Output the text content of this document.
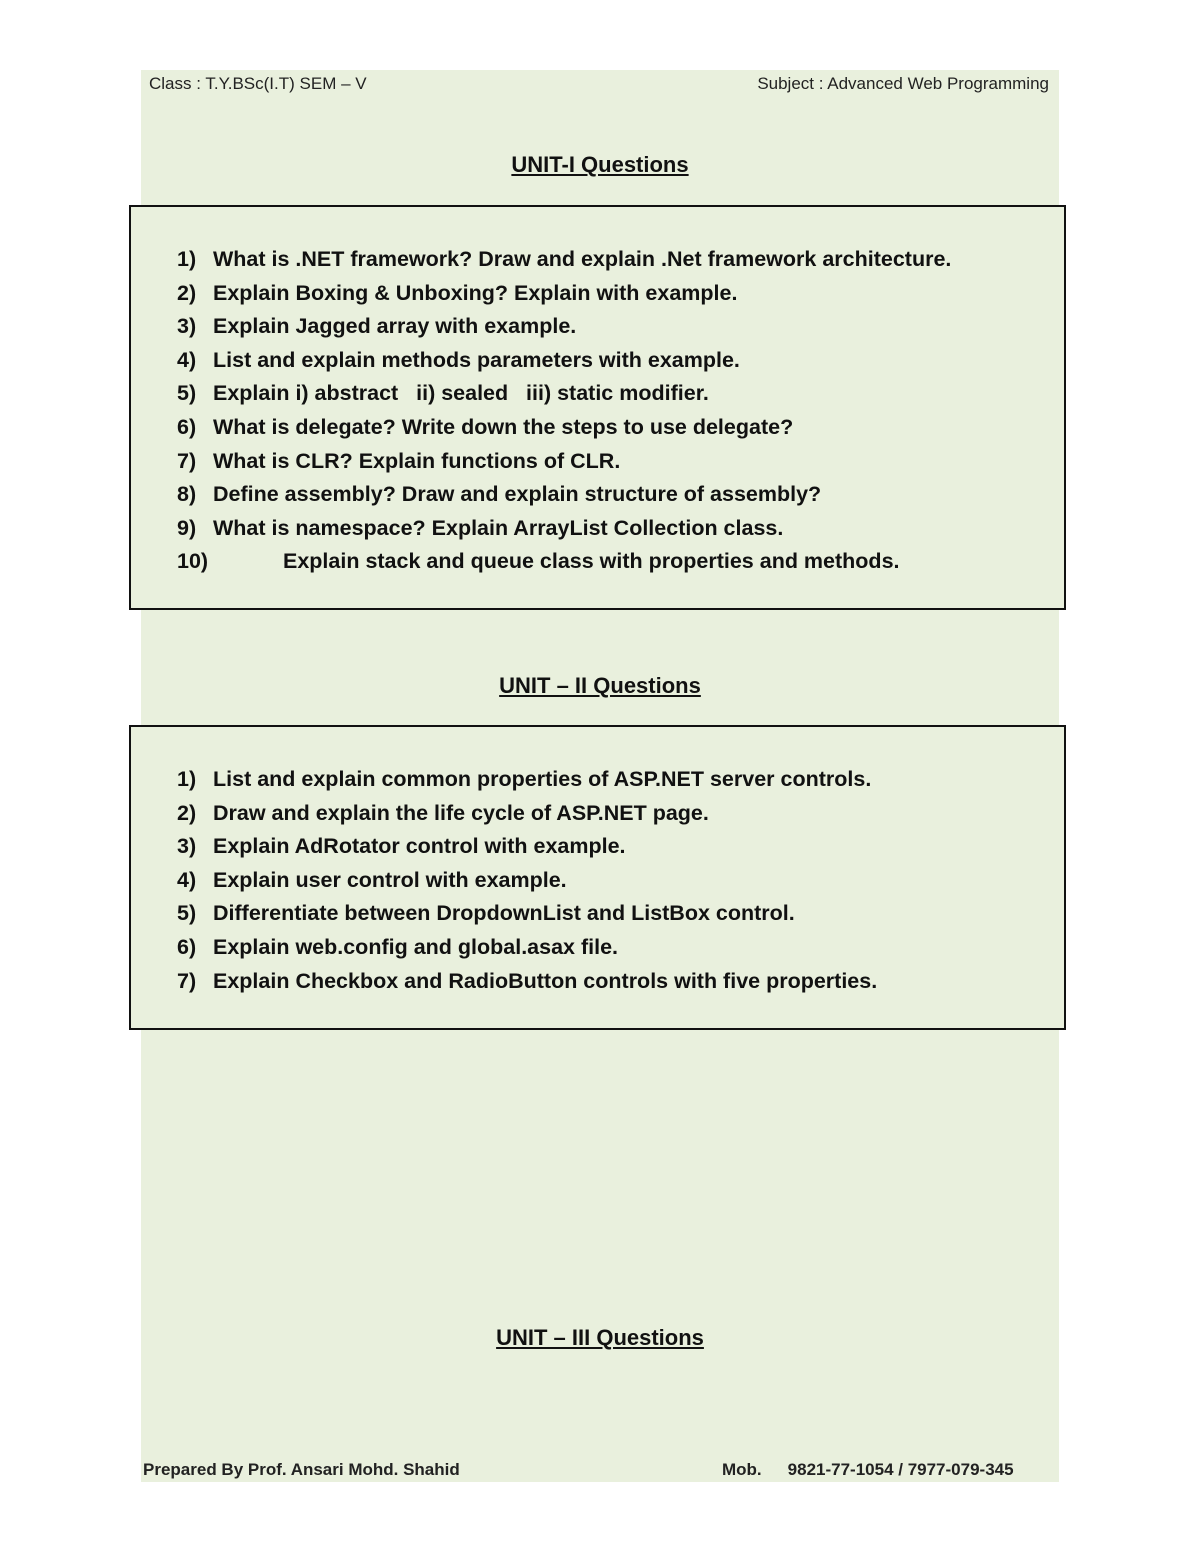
Class : T.Y.BSc(I.T) SEM – V	Subject : Advanced Web Programming
UNIT-I Questions
1) What is .NET framework? Draw and explain .Net framework architecture.
2) Explain Boxing & Unboxing? Explain with example.
3) Explain Jagged array with example.
4) List and explain methods parameters with example.
5) Explain i) abstract   ii) sealed   iii) static modifier.
6) What is delegate? Write down the steps to use delegate?
7) What is CLR? Explain functions of CLR.
8) Define assembly? Draw and explain structure of assembly?
9) What is namespace? Explain ArrayList Collection class.
10)	Explain stack and queue class with properties and methods.
UNIT – II Questions
1) List and explain common properties of ASP.NET server controls.
2) Draw and explain the life cycle of ASP.NET page.
3) Explain AdRotator control with example.
4) Explain user control with example.
5) Differentiate between DropdownList and ListBox control.
6) Explain web.config and global.asax file.
7) Explain Checkbox and RadioButton controls with five properties.
UNIT – III Questions
Prepared By Prof. Ansari Mohd. Shahid	Mob. 9821-77-1054 / 7977-079-345
